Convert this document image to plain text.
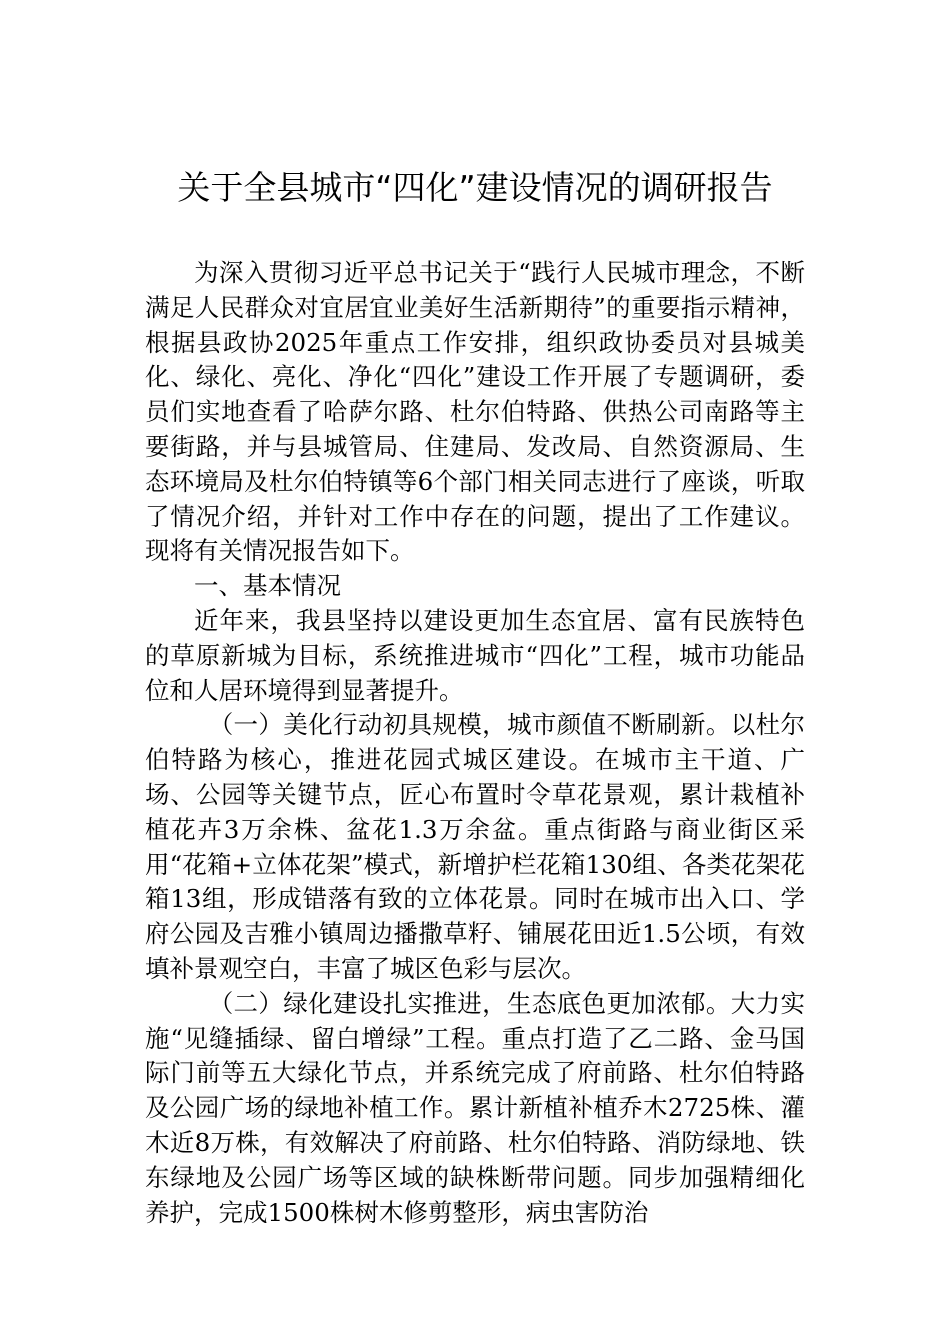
关于全县城市“四化”建设情况的调研报告

为深入贯彻习近平总书记关于“践行人民城市理念，不断满足人民群众对宜居宜业美好生活新期待”的重要指示精神，根据县政协2025年重点工作安排，组织政协委员对县城美化、绿化、亮化、净化“四化”建设工作开展了专题调研，委员们实地查看了哈萨尔路、杜尔伯特路、供热公司南路等主要街路，并与县城管局、住建局、发改局、自然资源局、生态环境局及杜尔伯特镇等6个部门相关同志进行了座谈，听取了情况介绍，并针对工作中存在的问题，提出了工作建议。现将有关情况报告如下。

一、基本情况

近年来，我县坚持以建设更加生态宜居、富有民族特色的草原新城为目标，系统推进城市“四化”工程，城市功能品位和人居环境得到显著提升。

（一）美化行动初具规模，城市颜值不断刷新。以杜尔伯特路为核心，推进花园式城区建设。在城市主干道、广场、公园等关键节点，匠心布置时令草花景观，累计栽植补植花卉3万余株、盆花1.3万余盆。重点街路与商业街区采用“花箱+立体花架”模式，新增护栏花箱130组、各类花架花箱13组，形成错落有致的立体花景。同时在城市出入口、学府公园及吉雅小镇周边播撒草籽、铺展花田近1.5公顷，有效填补景观空白，丰富了城区色彩与层次。

（二）绿化建设扎实推进，生态底色更加浓郁。大力实施“见缝插绿、留白增绿”工程。重点打造了乙二路、金马国际门前等五大绿化节点，并系统完成了府前路、杜尔伯特路及公园广场的绿地补植工作。累计新植补植乔木2725株、灌木近8万株，有效解决了府前路、杜尔伯特路、消防绿地、铁东绿地及公园广场等区域的缺株断带问题。同步加强精细化养护，完成1500株树木修剪整形，病虫害防治
